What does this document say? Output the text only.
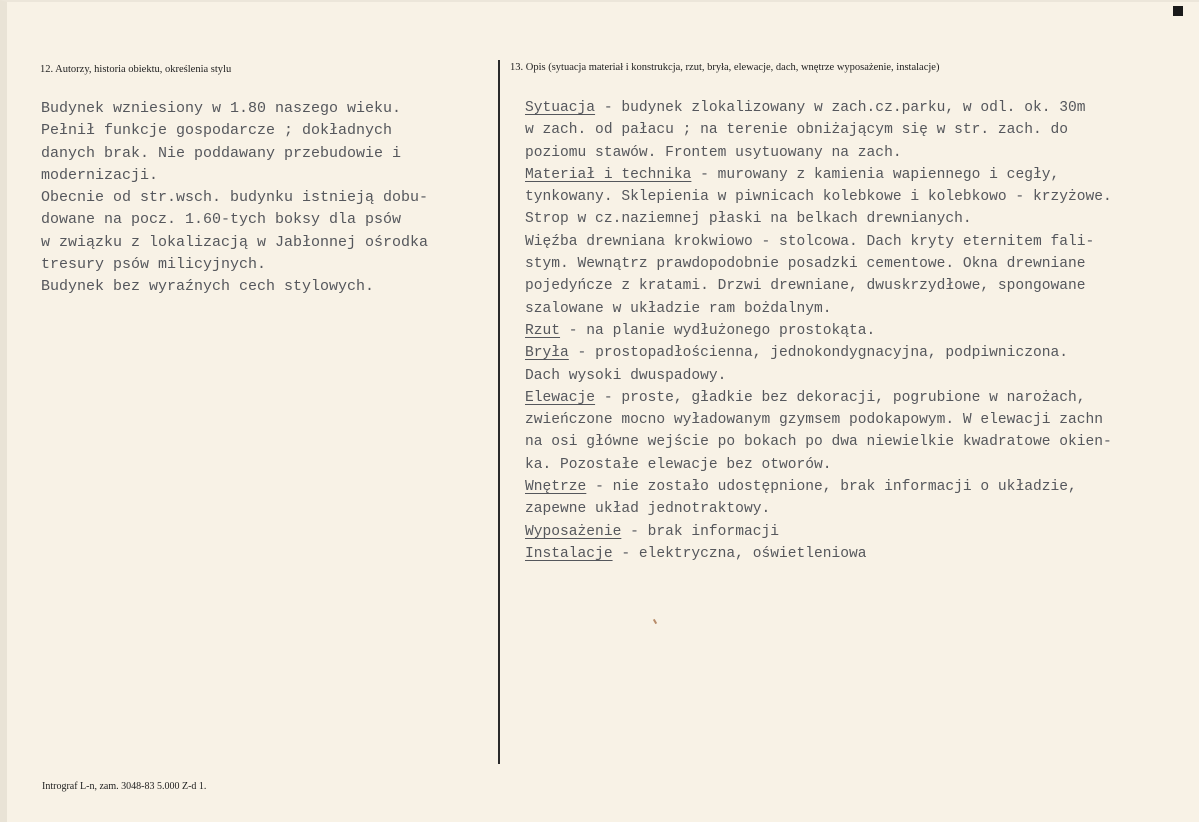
12. Autorzy, historia obiektu, określenia stylu	13. Opis (sytuacja materiał i konstrukcja, rzut, bryła, elewacje, dach, wnętrze wyposażenie, instalacje)
Budynek wzniesiony w 1.80 naszego wieku.
Pełnił funkcje gospodarcze ; dokładnych
danych brak. Nie poddawany przebudowie i
modernizacji.
Obecnie od str.wsch. budynku istnieją dobu-
dowane na pocz. 1.60-tych boksy dla psów
w związku z lokalizacją w Jabłonnej ośrodka
tresury psów milicyjnych.
Budynek bez wyraźnych cech stylowych.
Sytuacja - budynek zlokalizowany w zach.cz.parku, w odl. ok. 30m
w zach. od pałacu ; na terenie obniżającym się w str. zach. do
poziomu stawów. Frontem usytuowany na zach.
Materiał i technika - murowany z kamienia wapiennego i cegły,
tynkowany. Sklepienia w piwnicach kolebkowe i kolebkowo - krzyżowe.
Strop w cz.naziemnej płaski na belkach drewnianych.
Więźba drewniana krokwiowo - stolcowa. Dach kryty eternitem fali-
stym. Wewnątrz prawdopodobnie posadzki cementowe. Okna drewniane
pojedyńcze z kratami. Drzwi drewniane, dwuskrzydłowe, spongowane
szalowane w układzie ram bożdalnym.
Rzut - na planie wydłużonego prostokąta.
Bryła - prostopadłościenna, jednokondygnacyjna, podpiwniczona.
Dach wysoki dwuspadowy.
Elewacje - proste, gładkie bez dekoracji, pogrubione w narożach,
zwieńczone mocno wyładowanym gzymsem podokapowym. W elewacji zachn
na osi główne wejście po bokach po dwa niewielkie kwadratowe okien-
ka. Pozostałe elewacje bez otworów.
Wnętrze - nie zostało udostępnione, brak informacji o układzie,
zapewne układ jednotraktowy.
Wyposażenie - brak informacji
Instalacje - elektryczna, oświetleniowa
Intrograf L-n, zam. 3048-83 5.000 Z-d 1.
